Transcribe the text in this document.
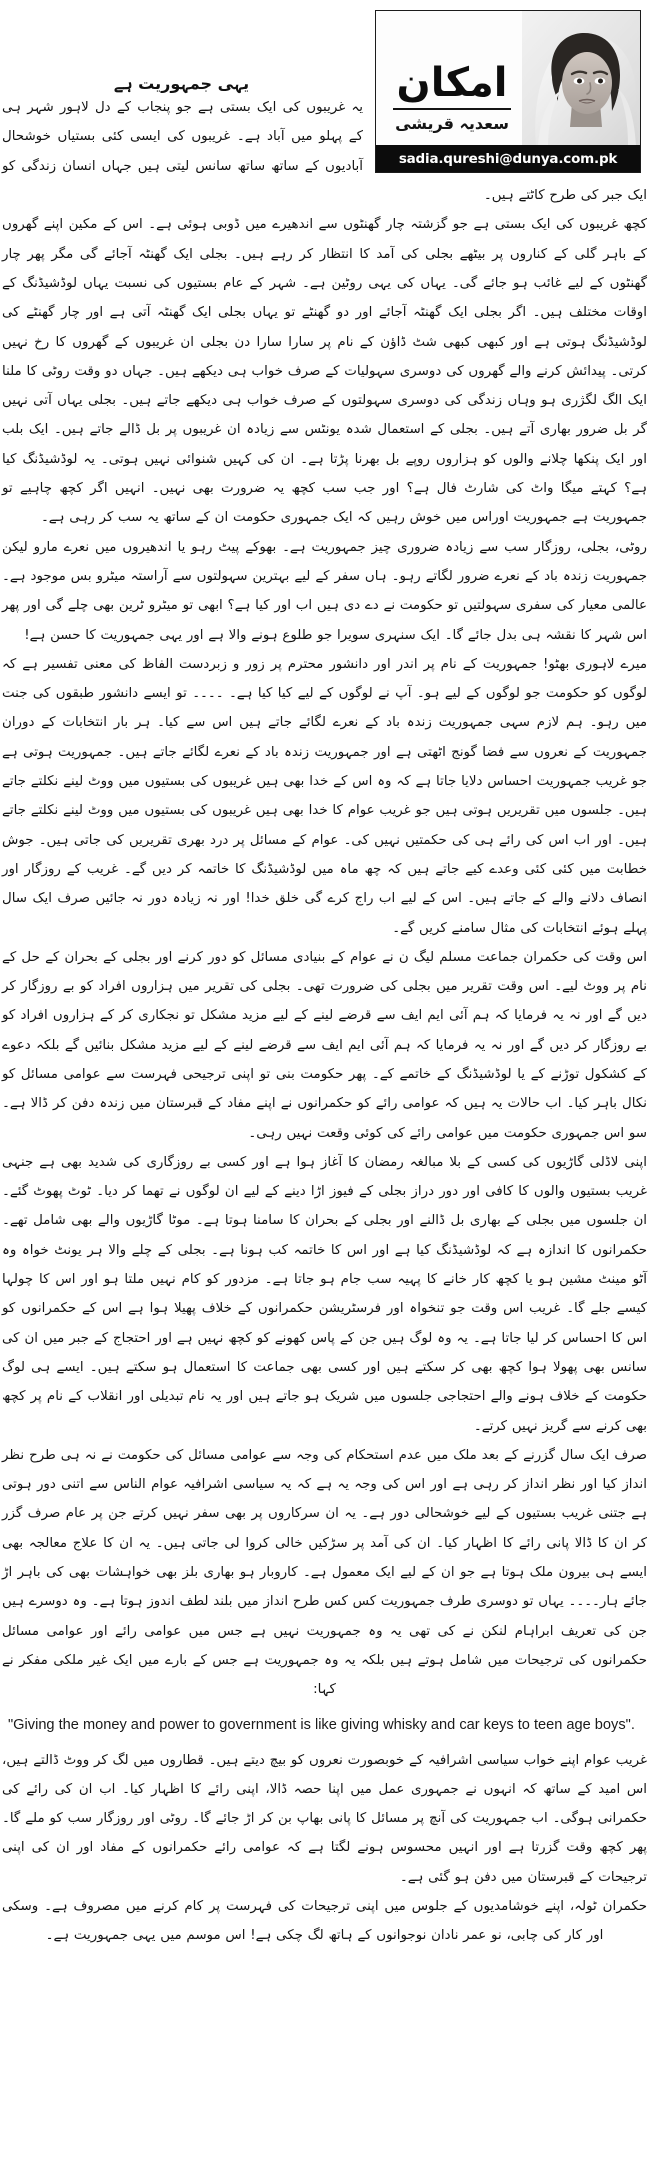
امکان
سعدیہ قریشی
sadia.qureshi@dunya.com.pk
یہی جمہوریت ہے

یہ غریبوں کی ایک بستی ہے جو پنجاب کے دل لاہور شہر ہی کے پہلو میں آباد ہے۔ غریبوں کی ایسی کئی بستیاں خوشحال آبادیوں کے ساتھ ساتھ سانس لیتی ہیں جہاں انسان زندگی کو ایک جبر کی طرح کاٹتے ہیں۔

کچھ غریبوں کی ایک بستی ہے جو گزشتہ چار گھنٹوں سے اندھیرے میں ڈوبی ہوئی ہے۔ اس کے مکین اپنے گھروں کے باہر گلی کے کناروں پر بیٹھے بجلی کی آمد کا انتظار کر رہے ہیں۔ بجلی ایک گھنٹہ آجائے گی مگر پھر چار گھنٹوں کے لیے غائب ہو جائے گی۔ یہاں کی یہی روٹین ہے۔ شہر کے عام بستیوں کی نسبت یہاں لوڈشیڈنگ کے اوقات مختلف ہیں۔ اگر بجلی ایک گھنٹہ آجائے اور دو گھنٹے تو یہاں بجلی ایک گھنٹہ آتی ہے اور چار گھنٹے کی لوڈشیڈنگ ہوتی ہے اور کبھی کبھی شٹ ڈاؤن کے نام پر سارا سارا دن بجلی ان غریبوں کے گھروں کا رخ نہیں کرتی۔ پیدائش کرنے والے گھروں کی دوسری سہولیات کے صرف خواب ہی دیکھے ہیں۔ جہاں دو وقت روٹی کا ملنا ایک الگ لگژری ہو وہاں زندگی کی دوسری سہولتوں کے صرف خواب ہی دیکھے جاتے ہیں۔ بجلی یہاں آتی نہیں گر بل ضرور بھاری آتے ہیں۔ بجلی کے استعمال شدہ یونٹس سے زیادہ ان غریبوں پر بل ڈالے جاتے ہیں۔ ایک بلب اور ایک پنکھا چلانے والوں کو ہزاروں روپے بل بھرنا پڑتا ہے۔ ان کی کہیں شنوائی نہیں ہوتی۔ یہ لوڈشیڈنگ کیا ہے؟ کہتے میگا واٹ کی شارٹ فال ہے؟ اور جب سب کچھ یہ ضرورت بھی نہیں۔ انہیں اگر کچھ چاہیے تو جمہوریت ہے جمہوریت اوراس میں خوش رہیں کہ ایک جمہوری حکومت ان کے ساتھ یہ سب کر رہی ہے۔

روٹی، بجلی، روزگار سب سے زیادہ ضروری چیز جمہوریت ہے۔ بھوکے پیٹ رہو یا اندھیروں میں نعرے مارو لیکن جمہوریت زندہ باد کے نعرے ضرور لگاتے رہو۔ ہاں سفر کے لیے بہترین سہولتوں سے آراستہ میٹرو بس موجود ہے۔ عالمی معیار کی سفری سہولتیں تو حکومت نے دے دی ہیں اب اور کیا ہے؟ ابھی تو میٹرو ٹرین بھی چلے گی اور پھر اس شہر کا نقشہ ہی بدل جائے گا۔ ایک سنہری سویرا جو طلوع ہونے والا ہے اور یہی جمہوریت کا حسن ہے!

میرے لاہوری بھٹو! جمہوریت کے نام پر اندر اور دانشور محترم پر زور و زبردست الفاظ کی معنی تفسیر ہے کہ لوگوں کو حکومت جو لوگوں کے لیے ہو۔ آپ نے لوگوں کے لیے کیا کیا ہے۔ ۔۔۔۔ تو ایسے دانشور طبقوں کی جنت میں رہو۔ ہم لازم سہی جمہوریت زندہ باد کے نعرے لگائے جاتے ہیں اس سے کیا۔ ہر بار انتخابات کے دوران جمہوریت کے نعروں سے فضا گونج اٹھتی ہے اور جمہوریت زندہ باد کے نعرے لگائے جاتے ہیں۔ جمہوریت ہوتی ہے جو غریب جمہوریت احساس دلایا جاتا ہے کہ وہ اس کے خدا بھی ہیں غریبوں کی بستیوں میں ووٹ لینے نکلتے جاتے ہیں۔ جلسوں میں تقریریں ہوتی ہیں جو غریب عوام کا خدا بھی ہیں غریبوں کی بستیوں میں ووٹ لینے نکلتے جاتے ہیں۔ اور اب اس کی رائے ہی کی حکمتیں نہیں کی۔ عوام کے مسائل پر درد بھری تقریریں کی جاتی ہیں۔ جوش خطابت میں کئی کئی وعدے کیے جاتے ہیں کہ چھ ماہ میں لوڈشیڈنگ کا خاتمہ کر دیں گے۔ غریب کے روزگار اور انصاف دلانے والے کے جاتے ہیں۔ اس کے لیے اب راج کرے گی خلق خدا! اور نہ زیادہ دور نہ جائیں صرف ایک سال پہلے ہوئے انتخابات کی مثال سامنے کریں گے۔

اس وقت کی حکمران جماعت مسلم لیگ ن نے عوام کے بنیادی مسائل کو دور کرنے اور بجلی کے بحران کے حل کے نام پر ووٹ لیے۔ اس وقت تقریر میں بجلی کی ضرورت تھی۔ بجلی کی تقریر میں ہزاروں افراد کو بے روزگار کر دیں گے اور نہ یہ فرمایا کہ ہم آئی ایم ایف سے قرضے لینے کے لیے مزید مشکل تو نجکاری کر کے ہزاروں افراد کو بے روزگار کر دیں گے اور نہ یہ فرمایا کہ ہم آئی ایم ایف سے قرضے لینے کے لیے مزید مشکل بنائیں گے بلکہ دعوے کے کشکول توڑنے کے یا لوڈشیڈنگ کے خاتمے کے۔ پھر حکومت بنی تو اپنی ترجیحی فہرست سے عوامی مسائل کو نکال باہر کیا۔ اب حالات یہ ہیں کہ عوامی رائے کو حکمرانوں نے اپنے مفاد کے قبرستان میں زندہ دفن کر ڈالا ہے۔ سو اس جمہوری حکومت میں عوامی رائے کی کوئی وقعت نہیں رہی۔

اپنی لاڈلی گاڑیوں کی کسی کے بلا مبالغہ رمضان کا آغاز ہوا ہے اور کسی بے روزگاری کی شدید بھی ہے جنہی غریب بستیوں والوں کا کافی اور دور دراز بجلی کے فیوز اڑا دینے کے لیے ان لوگوں نے تھما کر دیا۔ ٹوٹ پھوٹ گئے۔ ان جلسوں میں بجلی کے بھاری بل ڈالنے اور بجلی کے بحران کا سامنا ہوتا ہے۔ موٹا گاڑیوں والے بھی شامل تھے۔ حکمرانوں کا اندازہ ہے کہ لوڈشیڈنگ کیا ہے اور اس کا خاتمہ کب ہونا ہے۔ بجلی کے چلے والا ہر یونٹ خواہ وہ آٹو مینٹ مشین ہو یا کچھ کار خانے کا پہیہ سب جام ہو جاتا ہے۔ مزدور کو کام نہیں ملتا ہو اور اس کا چولہا کیسے جلے گا۔ غریب اس وقت جو تنخواہ اور فرسٹریشن حکمرانوں کے خلاف پھیلا ہوا ہے اس کے حکمرانوں کو اس کا احساس کر لیا جاتا ہے۔ یہ وہ لوگ ہیں جن کے پاس کھونے کو کچھ نہیں ہے اور احتجاج کے جبر میں ان کی سانس بھی پھولا ہوا کچھ بھی کر سکتے ہیں اور کسی بھی جماعت کا استعمال ہو سکتے ہیں۔ ایسے ہی لوگ حکومت کے خلاف ہونے والے احتجاجی جلسوں میں شریک ہو جاتے ہیں اور یہ نام تبدیلی اور انقلاب کے نام پر کچھ بھی کرنے سے گریز نہیں کرتے۔

صرف ایک سال گزرنے کے بعد ملک میں عدم استحکام کی وجہ سے عوامی مسائل کی حکومت نے نہ ہی طرح نظر انداز کیا اور نظر انداز کر رہی ہے اور اس کی وجہ یہ ہے کہ یہ سیاسی اشرافیہ عوام الناس سے اتنی دور ہوتی ہے جتنی غریب بستیوں کے لیے خوشحالی دور ہے۔ یہ ان سرکاروں پر بھی سفر نہیں کرتے جن پر عام صرف گزر کر ان کا ڈالا پانی رائے کا اظہار کیا۔ ان کی آمد پر سڑکیں خالی کروا لی جاتی ہیں۔ یہ ان کا علاج معالجہ بھی ایسے ہی بیرون ملک ہوتا ہے جو ان کے لیے ایک معمول ہے۔ کاروبار ہو بھاری بلز بھی خواہشات بھی کی باہر اڑ جائے ہار۔۔۔۔ یہاں تو دوسری طرف جمہوریت کس کس طرح انداز میں بلند لطف اندوز ہوتا ہے۔ وہ دوسرے ہیں جن کی تعریف ابراہام لنکن نے کی تھی یہ وہ جمہوریت نہیں ہے جس میں عوامی رائے اور عوامی مسائل حکمرانوں کی ترجیحات میں شامل ہوتے ہیں بلکہ یہ وہ جمہوریت ہے جس کے بارے میں ایک غیر ملکی مفکر نے کہا:

"Giving the money and power to government is like giving whisky and car keys to teen age boys".

غریب عوام اپنے خواب سیاسی اشرافیہ کے خوبصورت نعروں کو بیچ دیتے ہیں۔ قطاروں میں لگ کر ووٹ ڈالتے ہیں، اس امید کے ساتھ کہ انہوں نے جمہوری عمل میں اپنا حصہ ڈالا، اپنی رائے کا اظہار کیا۔ اب ان کی رائے کی حکمرانی ہوگی۔ اب جمہوریت کی آنچ پر مسائل کا پانی بھاپ بن کر اڑ جائے گا۔ روٹی اور روزگار سب کو ملے گا۔ پھر کچھ وقت گزرتا ہے اور انہیں محسوس ہونے لگتا ہے کہ عوامی رائے حکمرانوں کے مفاد اور ان کی اپنی ترجیحات کے قبرستان میں دفن ہو گئی ہے۔

حکمران ٹولہ، اپنے خوشامدیوں کے جلوس میں اپنی ترجیحات کی فہرست پر کام کرنے میں مصروف ہے۔ وسکی اور کار کی چابی، نو عمر نادان نوجوانوں کے ہاتھ لگ چکی ہے! اس موسم میں یہی جمہوریت ہے۔
